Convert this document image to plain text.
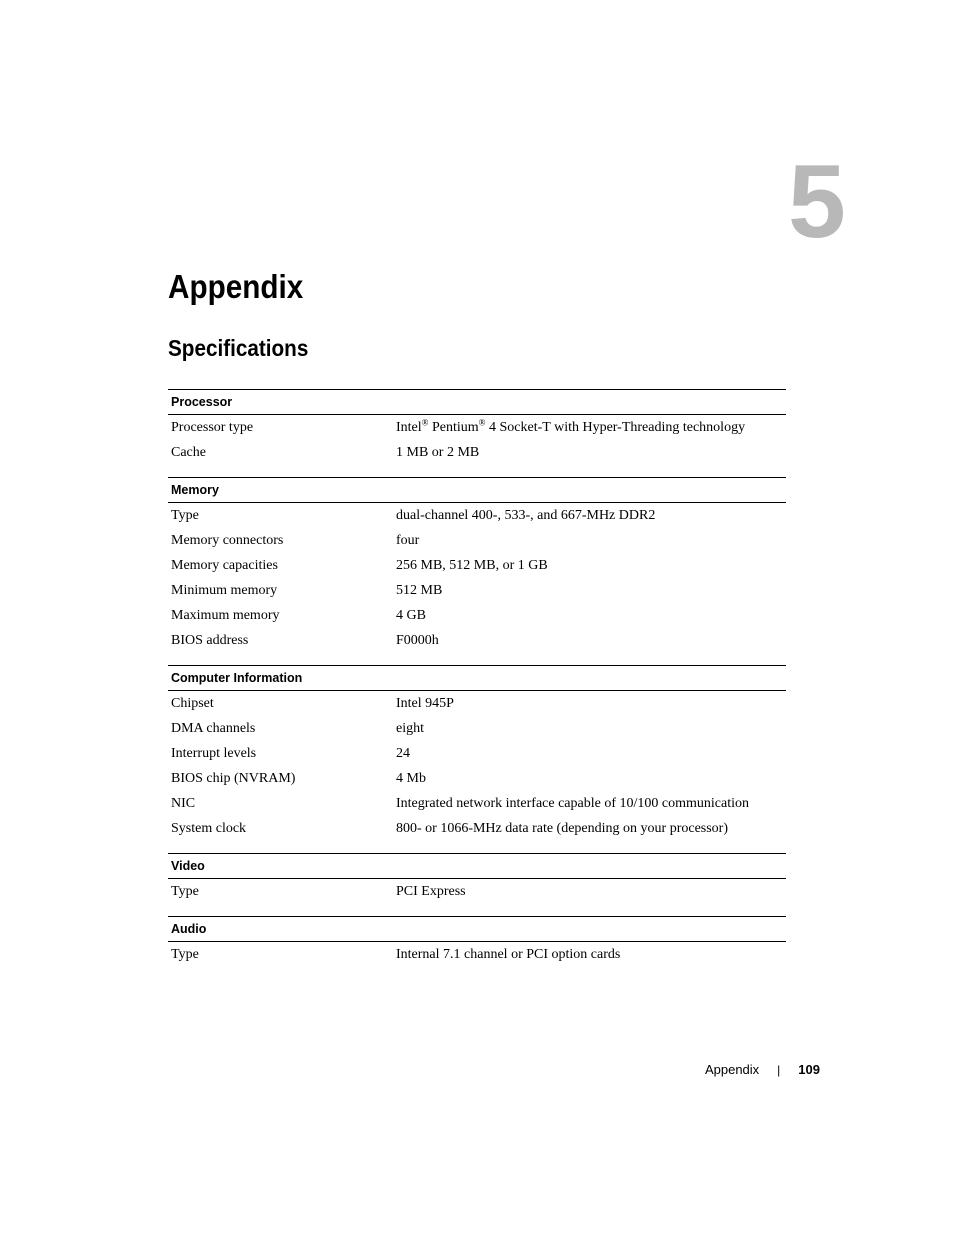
5
Appendix
Specifications
Processor
Processor type	Intel® Pentium® 4 Socket-T with Hyper-Threading technology
Cache	1 MB or 2 MB
Memory
Type	dual-channel 400-, 533-, and 667-MHz DDR2
Memory connectors	four
Memory capacities	256 MB, 512 MB, or 1 GB
Minimum memory	512 MB
Maximum memory	4 GB
BIOS address	F0000h
Computer Information
Chipset	Intel 945P
DMA channels	eight
Interrupt levels	24
BIOS chip (NVRAM)	4 Mb
NIC	Integrated network interface capable of 10/100 communication
System clock	800- or 1066-MHz data rate (depending on your processor)
Video
Type	PCI Express
Audio
Type	Internal 7.1 channel or PCI option cards
Appendix | 109
